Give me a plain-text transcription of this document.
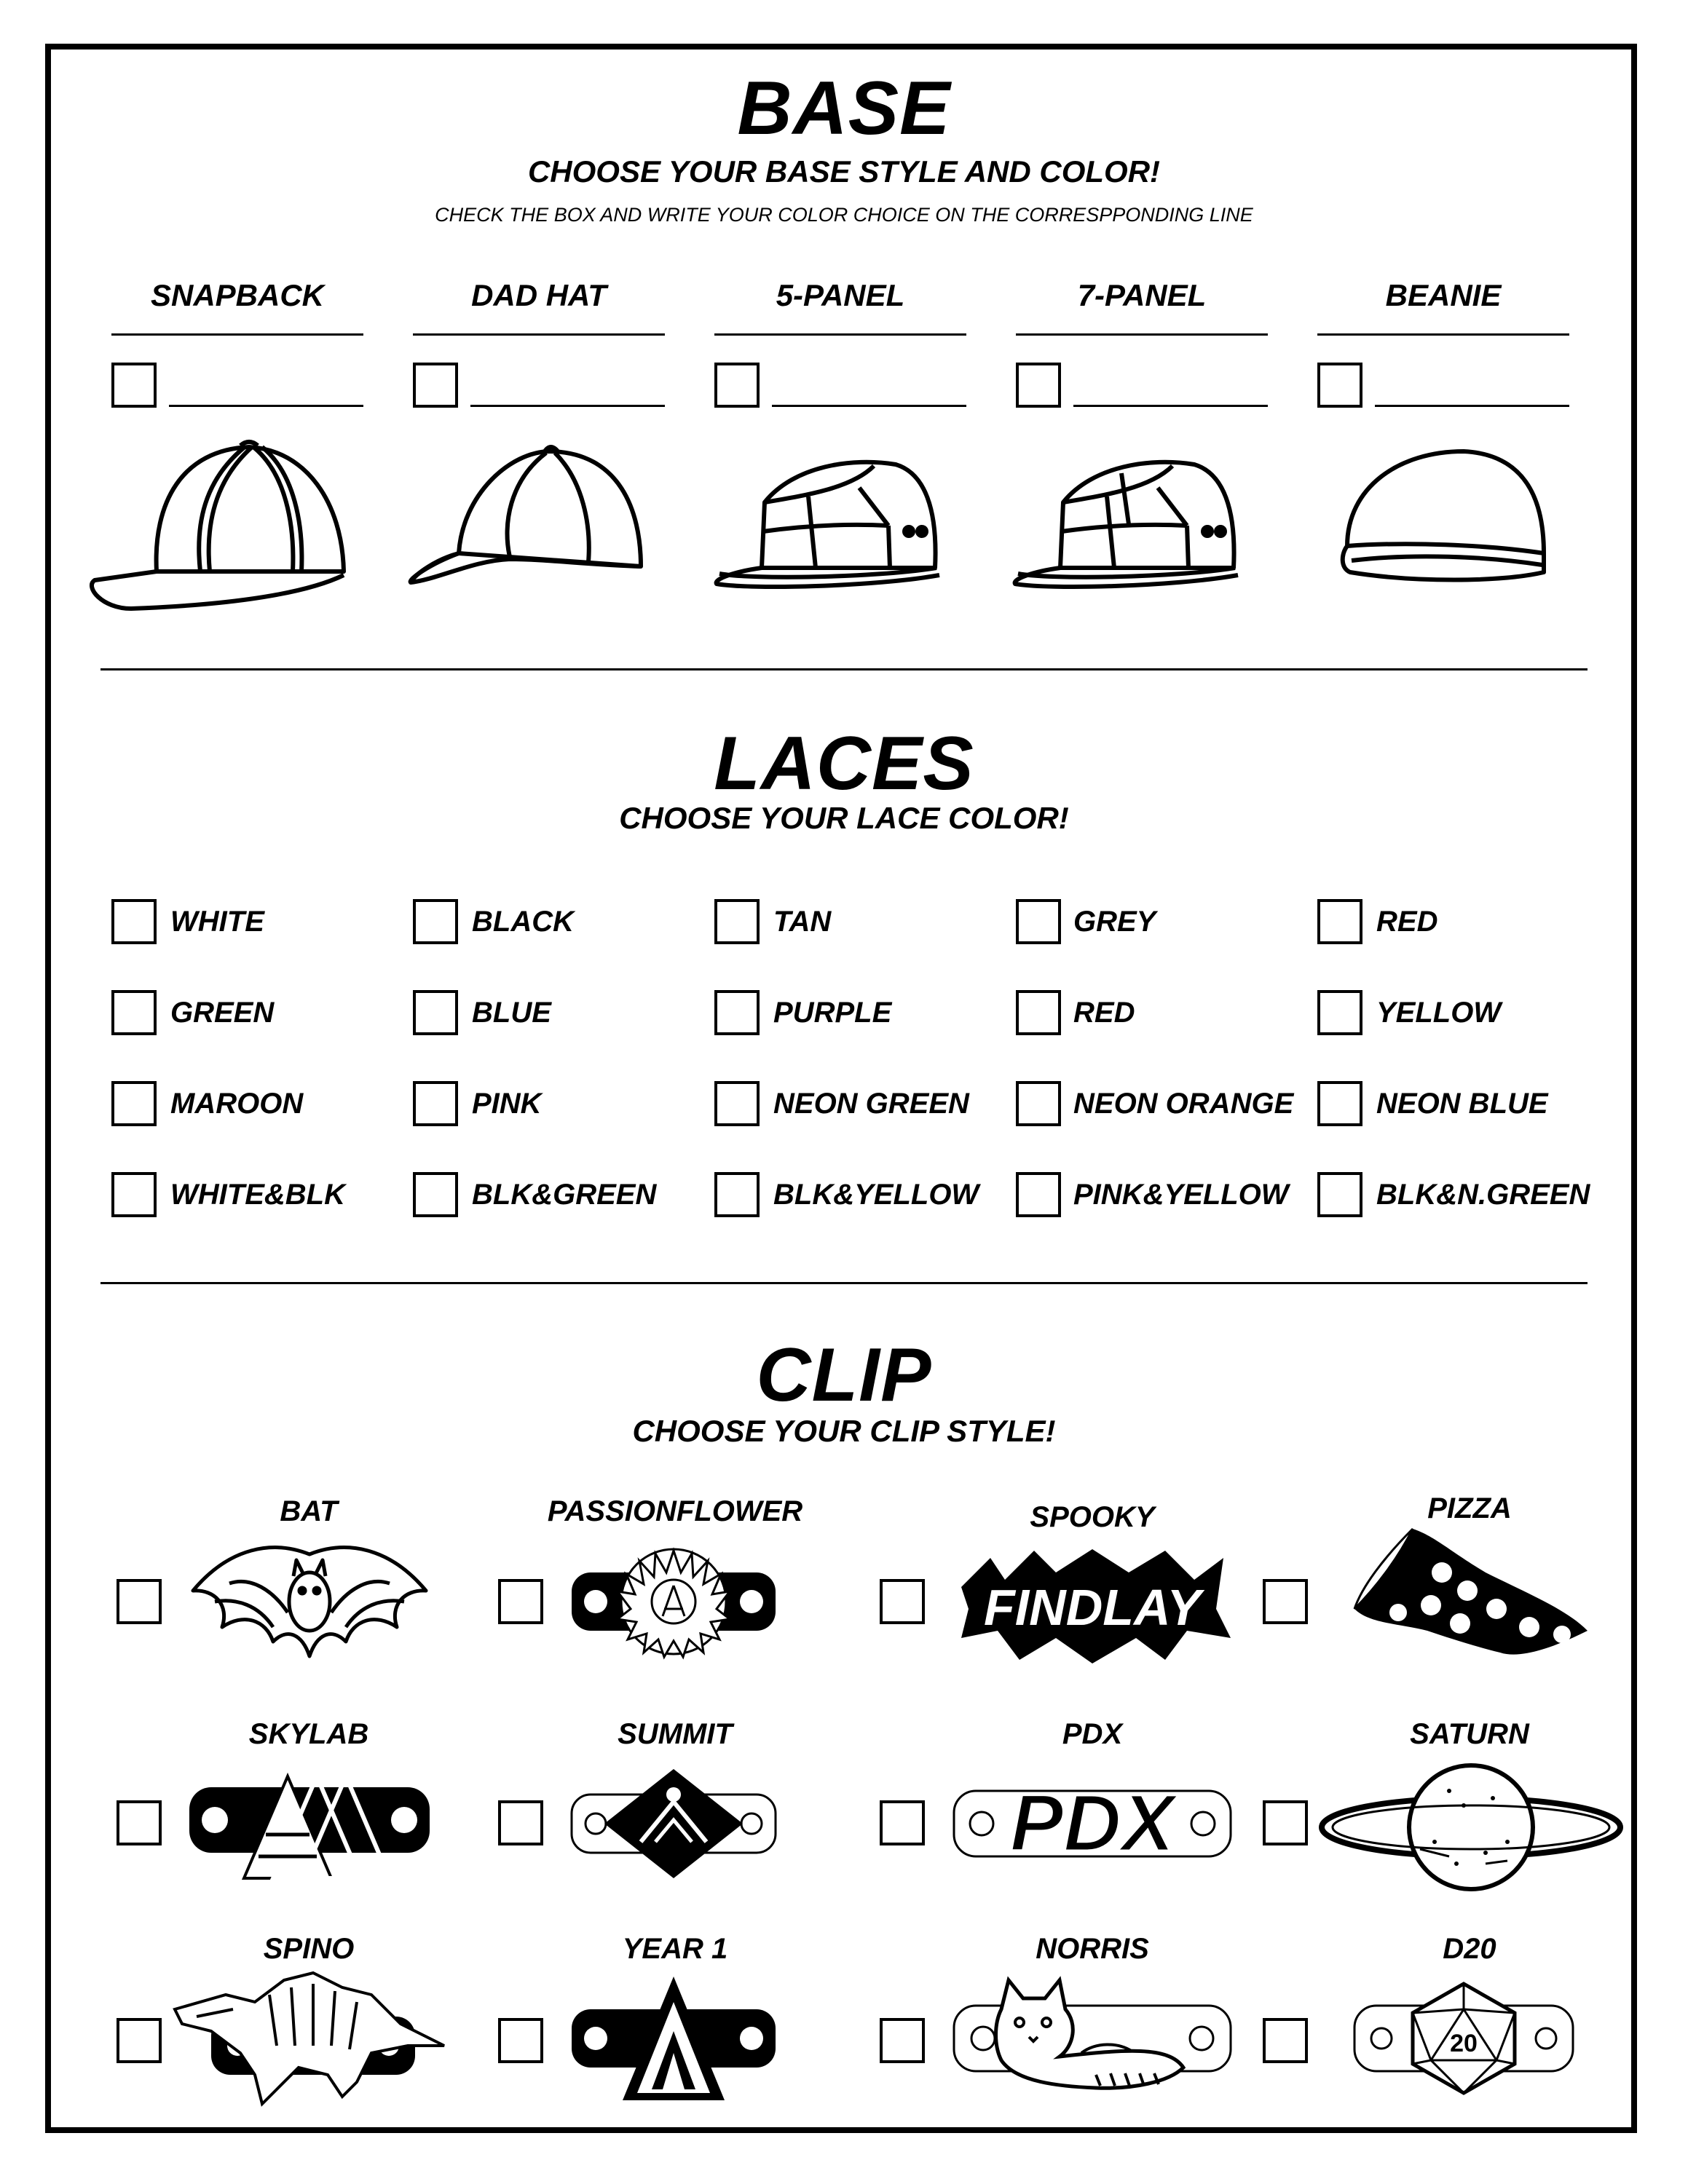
BASE
CHOOSE YOUR BASE STYLE AND COLOR!
CHECK THE BOX AND WRITE YOUR COLOR CHOICE ON THE CORRESPPONDING LINE
SNAPBACK	DAD HAT	5-PANEL	7-PANEL	BEANIE
LACES
CHOOSE YOUR LACE COLOR!
WHITE	BLACK	TAN	GREY	RED
GREEN	BLUE	PURPLE	RED	YELLOW
MAROON	PINK	NEON GREEN	NEON ORANGE	NEON BLUE
WHITE&BLK	BLK&GREEN	BLK&YELLOW	PINK&YELLOW	BLK&N.GREEN
CLIP
CHOOSE YOUR CLIP STYLE!
BAT	PASSIONFLOWER	SPOOKY	PIZZA
SKYLAB	SUMMIT	PDX	SATURN
SPINO	YEAR 1	NORRIS	D20
FINDLAY
PDX
20
